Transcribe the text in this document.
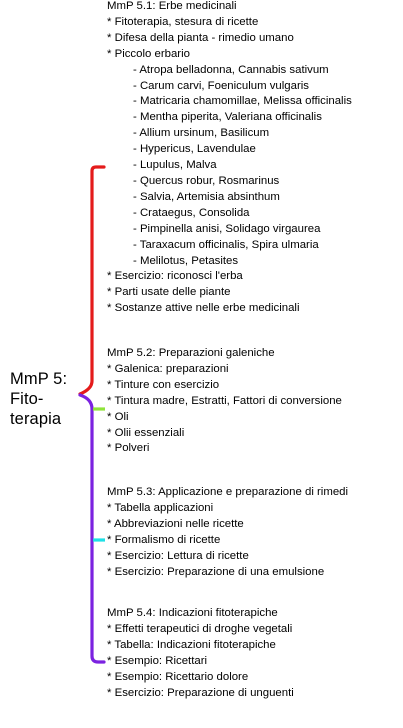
MmP 5:
Fito-
terapia
MmP 5.1: Erbe medicinali
* Fitoterapia, stesura di ricette
* Difesa della pianta - rimedio umano
* Piccolo erbario
- Atropa belladonna, Cannabis sativum
- Carum carvi, Foeniculum vulgaris
- Matricaria chamomillae, Melissa officinalis
- Mentha piperita, Valeriana officinalis
- Allium ursinum, Basilicum
- Hypericus, Lavendulae
- Lupulus, Malva
- Quercus robur, Rosmarinus
- Salvia, Artemisia absinthum
- Crataegus, Consolida
- Pimpinella anisi, Solidago virgaurea
- Taraxacum officinalis, Spira ulmaria
- Melilotus, Petasites
* Esercizio: riconosci l'erba
* Parti usate delle piante
* Sostanze attive nelle erbe medicinali
MmP 5.2: Preparazioni galeniche
* Galenica: preparazioni
* Tinture con esercizio
* Tintura madre, Estratti, Fattori di conversione
* Oli
* Olii essenziali
* Polveri
MmP 5.3: Applicazione e preparazione di rimedi
* Tabella applicazioni
* Abbreviazioni nelle ricette
* Formalismo di ricette
* Esercizio: Lettura di ricette
* Esercizio: Preparazione di una emulsione
MmP 5.4: Indicazioni fitoterapiche
* Effetti terapeutici di droghe vegetali
* Tabella: Indicazioni fitoterapiche
* Esempio: Ricettari
* Esempio: Ricettario dolore
* Esercizio: Preparazione di unguenti
